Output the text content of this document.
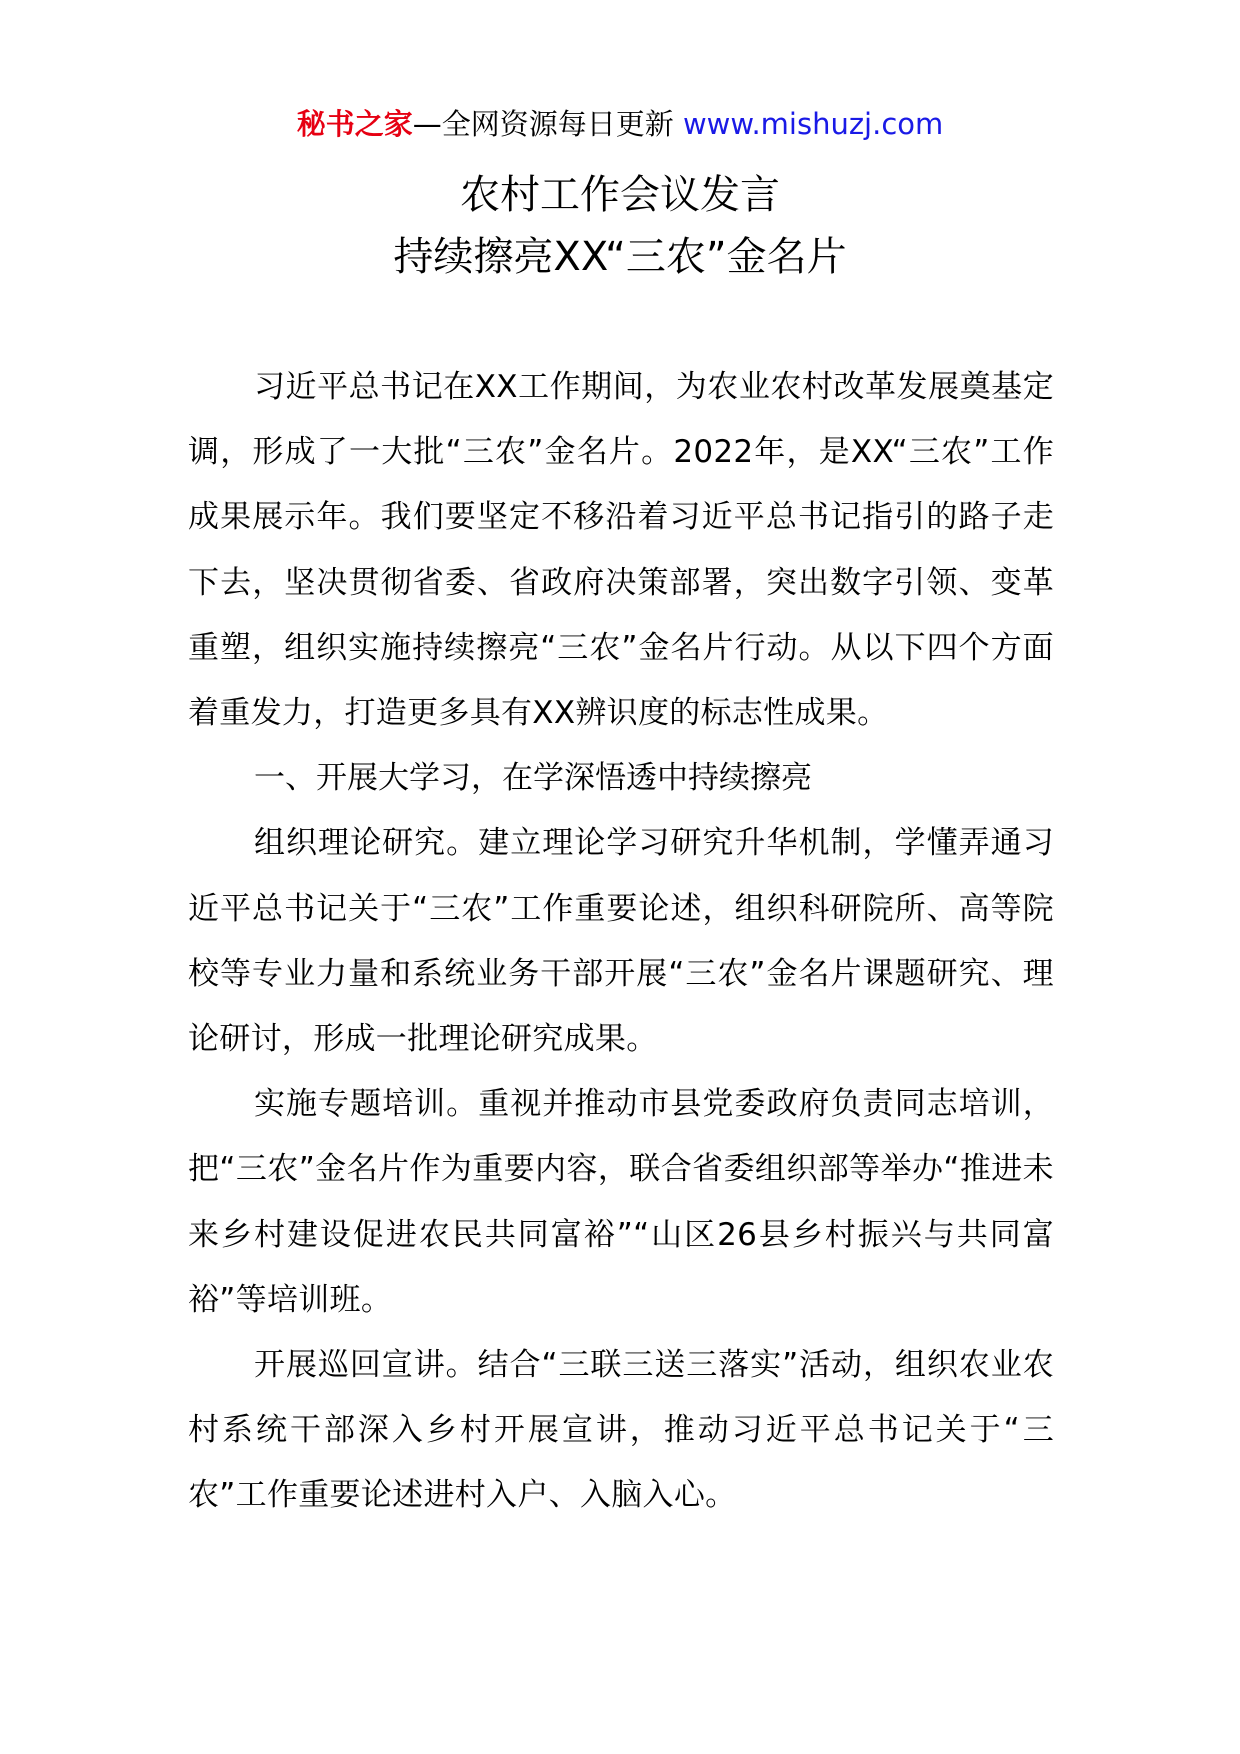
秘书之家—全网资源每日更新 www.mishuzj.com
农村工作会议发言
持续擦亮XX“三农”金名片

习近平总书记在XX工作期间，为农业农村改革发展奠基定调，形成了一大批“三农”金名片。2022年，是XX“三农”工作成果展示年。我们要坚定不移沿着习近平总书记指引的路子走下去，坚决贯彻省委、省政府决策部署，突出数字引领、变革重塑，组织实施持续擦亮“三农”金名片行动。从以下四个方面着重发力，打造更多具有XX辨识度的标志性成果。

一、开展大学习，在学深悟透中持续擦亮

组织理论研究。建立理论学习研究升华机制，学懂弄通习近平总书记关于“三农”工作重要论述，组织科研院所、高等院校等专业力量和系统业务干部开展“三农”金名片课题研究、理论研讨，形成一批理论研究成果。

实施专题培训。重视并推动市县党委政府负责同志培训，把“三农”金名片作为重要内容，联合省委组织部等举办“推进未来乡村建设促进农民共同富裕”“山区26县乡村振兴与共同富裕”等培训班。

开展巡回宣讲。结合“三联三送三落实”活动，组织农业农村系统干部深入乡村开展宣讲，推动习近平总书记关于“三农”工作重要论述进村入户、入脑入心。
